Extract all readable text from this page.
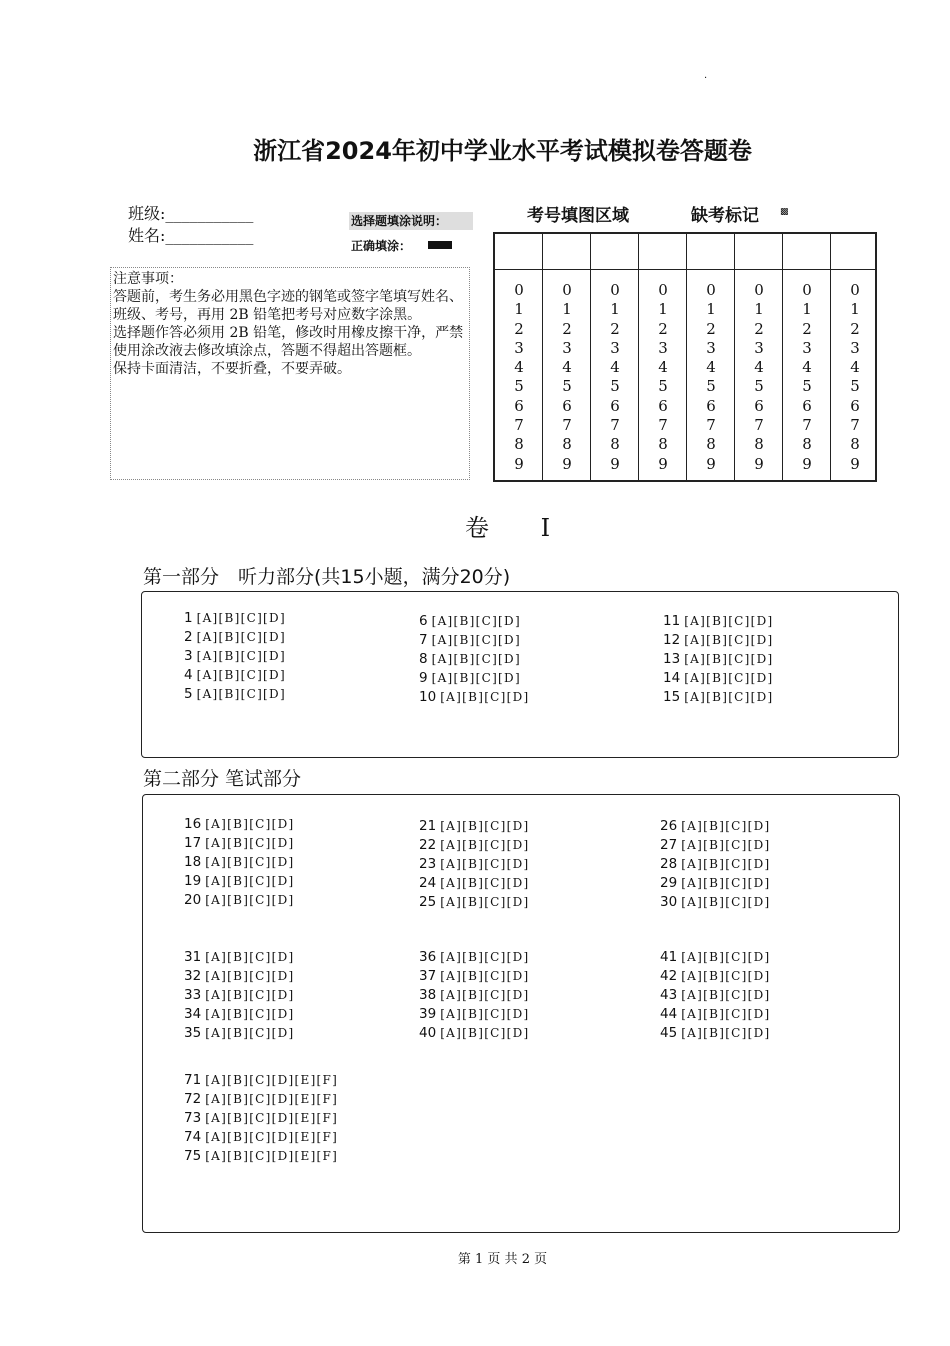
.
浙江省2024年初中学业水平考试模拟卷答题卷
班级:___________
姓名:___________
选择题填涂说明：
正确填涂：

注意事项：

答题前，考生务必用黑色字迹的钢笔或签字笔填写姓名、班级、考号，再用 2B 铅笔把考号对应数字涂黑。

选择题作答必须用 2B 铅笔，修改时用橡皮擦干净，严禁使用涂改液去修改填涂点，答题不得超出答题框。

保持卡面清洁，不要折叠，不要弄破。

考号填图区域	缺考标记 ▩
0
1
2
3
4
5
6
7
8
9
0
1
2
3
4
5
6
7
8
9
0
1
2
3
4
5
6
7
8
9
0
1
2
3
4
5
6
7
8
9
0
1
2
3
4
5
6
7
8
9
0
1
2
3
4
5
6
7
8
9
0
1
2
3
4
5
6
7
8
9
0
1
2
3
4
5
6
7
8
9
卷 I
第一部分　听力部分(共15小题，满分20分)
1 [A][B][C][D]
2 [A][B][C][D]
3 [A][B][C][D]
4 [A][B][C][D]
5 [A][B][C][D]
6 [A][B][C][D]
7 [A][B][C][D]
8 [A][B][C][D]
9 [A][B][C][D]
10 [A][B][C][D]
11 [A][B][C][D]
12 [A][B][C][D]
13 [A][B][C][D]
14 [A][B][C][D]
15 [A][B][C][D]
第二部分 笔试部分
16 [A][B][C][D]
17 [A][B][C][D]
18 [A][B][C][D]
19 [A][B][C][D]
20 [A][B][C][D]
21 [A][B][C][D]
22 [A][B][C][D]
23 [A][B][C][D]
24 [A][B][C][D]
25 [A][B][C][D]
26 [A][B][C][D]
27 [A][B][C][D]
28 [A][B][C][D]
29 [A][B][C][D]
30 [A][B][C][D]
31 [A][B][C][D]
32 [A][B][C][D]
33 [A][B][C][D]
34 [A][B][C][D]
35 [A][B][C][D]
36 [A][B][C][D]
37 [A][B][C][D]
38 [A][B][C][D]
39 [A][B][C][D]
40 [A][B][C][D]
41 [A][B][C][D]
42 [A][B][C][D]
43 [A][B][C][D]
44 [A][B][C][D]
45 [A][B][C][D]
71 [A][B][C][D][E][F]
72 [A][B][C][D][E][F]
73 [A][B][C][D][E][F]
74 [A][B][C][D][E][F]
75 [A][B][C][D][E][F]
第 1 页 共 2 页
